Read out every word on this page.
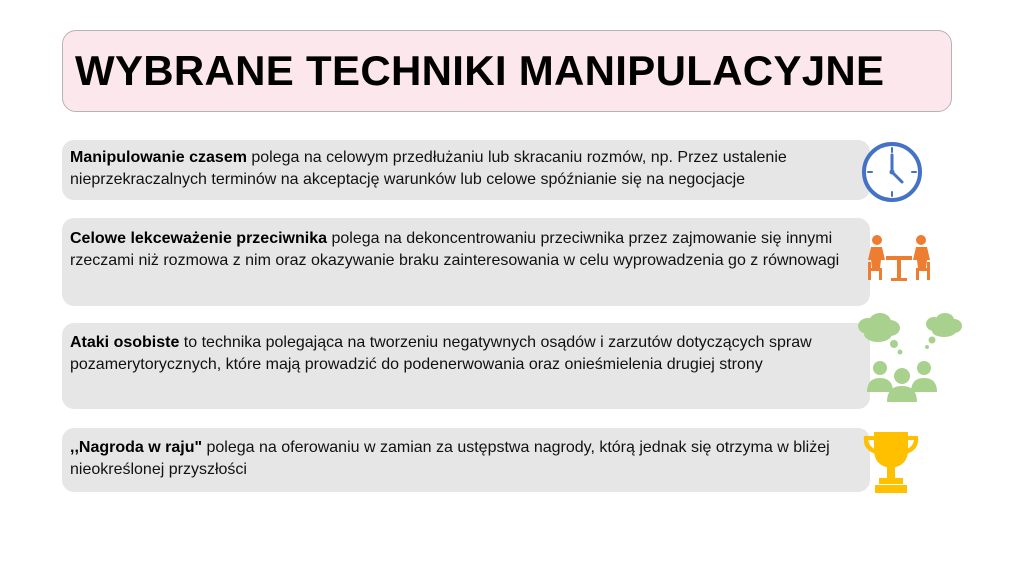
WYBRANE TECHNIKI MANIPULACYJNE
Manipulowanie czasem polega na celowym przedłużaniu lub skracaniu rozmów, np. Przez ustalenie nieprzekraczalnych terminów na akceptację warunków lub celowe spóźnianie się na negocjacje
Celowe lekceważenie przeciwnika polega na dekoncentrowaniu przeciwnika przez zajmowanie się innymi rzeczami niż rozmowa z nim oraz okazywanie braku zainteresowania w celu wyprowadzenia go z równowagi
Ataki osobiste to technika polegająca na tworzeniu negatywnych osądów i zarzutów dotyczących spraw pozamerytorycznych, które mają prowadzić do podenerwowania oraz onieśmielenia drugiej strony
,,Nagroda w raju" polega na oferowaniu w zamian za ustępstwa nagrody, którą jednak się otrzyma w bliżej nieokreślonej przyszłości
